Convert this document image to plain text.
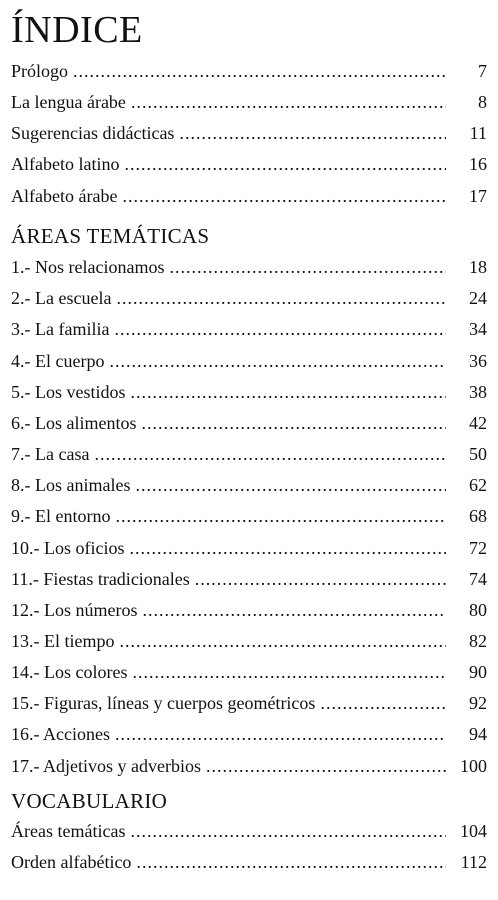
ÍNDICE
Prólogo .....	7
La lengua árabe .....	8
Sugerencias didácticas .....	11
Alfabeto latino .....	16
Alfabeto árabe .....	17
ÁREAS TEMÁTICAS
1.- Nos relacionamos .....	18
2.- La escuela .....	24
3.- La familia .....	34
4.- El cuerpo .....	36
5.- Los vestidos .....	38
6.- Los alimentos .....	42
7.- La casa .....	50
8.- Los animales .....	62
9.- El entorno .....	68
10.- Los oficios .....	72
11.- Fiestas tradicionales .....	74
12.- Los números .....	80
13.- El tiempo .....	82
14.- Los colores .....	90
15.- Figuras, líneas y cuerpos geométricos .....	92
16.- Acciones .....	94
17.- Adjetivos y adverbios .....	100
VOCABULARIO
Áreas temáticas .....	104
Orden alfabético .....	112
